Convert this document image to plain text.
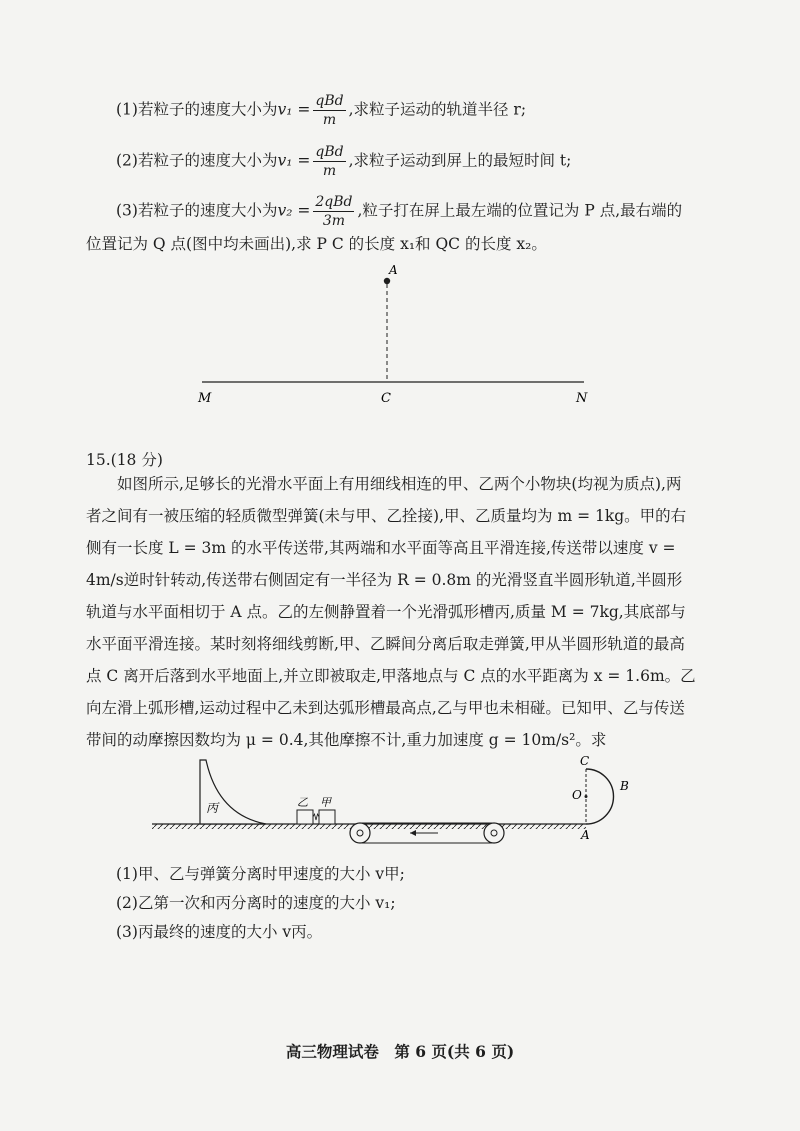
(1)若粒子的速度大小为$v_1 = \frac{\text{qBd}}{m}$ ,求粒子运动的轨道半径 r;
(2)若粒子的速度大小为$v_1 = \frac{\text{qBd}}{m}$ ,求粒子运动到屏上的最短时间 t;
(3)若粒子的速度大小为$v_2 = \frac{\text{2qBd}}{3m}$ ,粒子打在屏上最左端的位置记为 P 点,最右端的
位置记为 Q 点(图中均未画出),求 P C 的长度 x₁和 QC 的长度 x₂。
A
M	C	N
15.(18 分)
如图所示,足够长的光滑水平面上有用细线相连的甲、乙两个小物块(均视为质点),两者之间有一被压缩的轻质微型弹簧(未与甲、乙拴接),甲、乙质量均为 m = 1kg。甲的右侧有一长度 L = 3m 的水平传送带,其两端和水平面等高且平滑连接,传送带以速度 v = 4m/s逆时针转动,传送带右侧固定有一半径为 R = 0.8m 的光滑竖直半圆形轨道,半圆形轨道与水平面相切于 A 点。乙的左侧静置着一个光滑弧形槽丙,质量 M = 7kg,其底部与水平面平滑连接。某时刻将细线剪断,甲、乙瞬间分离后取走弹簧,甲从半圆形轨道的最高点 C 离开后落到水平地面上,并立即被取走,甲落地点与 C 点的水平距离为 x = 1.6m。乙向左滑上弧形槽,运动过程中乙未到达弧形槽最高点,乙与甲也未相碰。已知甲、乙与传送带间的动摩擦因数均为 μ = 0.4,其他摩擦不计,重力加速度 g = 10m/s²。求
丙	乙 甲
C
O
B
A
(1)甲、乙与弹簧分离时甲速度的大小 v甲;
(2)乙第一次和丙分离时的速度的大小 v₁;
(3)丙最终的速度的大小 v丙。
高三物理试卷　第 6 页(共 6 页)
